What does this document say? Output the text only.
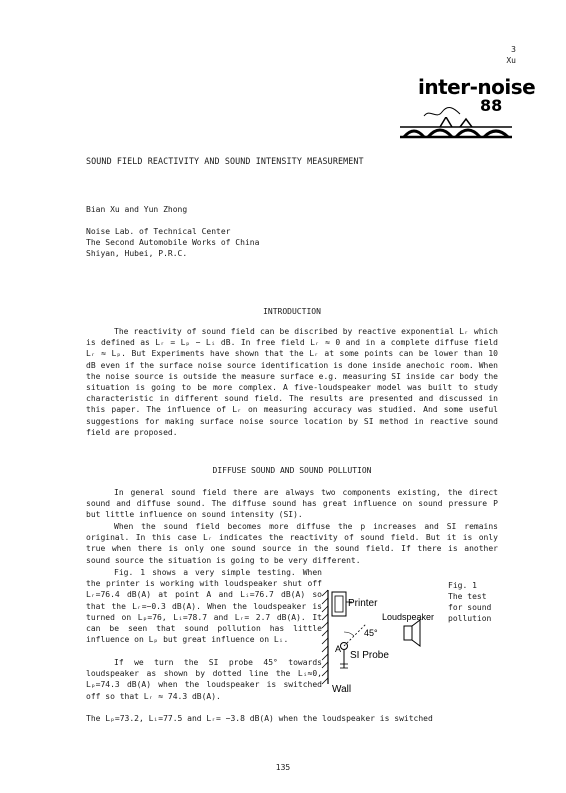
3
Xu
inter-noise
88
SOUND FIELD REACTIVITY AND SOUND INTENSITY MEASUREMENT
Bian Xu and Yun Zhong
Noise Lab. of Technical Center
The Second Automobile Works of China
Shiyan, Hubei, P.R.C.
INTRODUCTION

The reactivity of sound field can be discribed by reactive exponential Lᵣ which is defined as Lᵣ = Lₚ − Lᵢ dB. In free field Lᵣ ≈ 0 and in a complete diffuse field Lᵣ ≈ Lₚ. But Experiments have shown that the Lᵣ at some points can be lower than 10 dB even if the surface noise source identification is done inside anechoic room. When the noise source is outside the measure surface e.g. measuring SI inside car body the situation is going to be more complex. A five-loudspeaker model was built to study characteristic in different sound field. The results are presented and discussed in this paper. The influence of Lᵣ on measuring accuracy was studied. And some useful suggestions for making surface noise source location by SI method in reactive sound field are proposed.

DIFFUSE SOUND AND SOUND POLLUTION

In general sound field there are always two components existing, the direct sound and diffuse sound. The diffuse sound has great influence on sound pressure P but little influence on sound intensity (SI).

When the sound field becomes more diffuse the p increases and SI remains original. In this case Lᵣ indicates the reactivity of sound field. But it is only true when there is only one sound source in the sound field. If there is another sound source the situation is going to be very different.

Fig. 1 shows a very simple testing. When the printer is working with loudspeaker shut off Lᵣ=76.4 dB(A) at point A and Lᵢ=76.7 dB(A) so that the Lᵣ=−0.3 dB(A). When the loudspeaker is turned on Lₚ=76, Lᵢ=78.7 and Lᵣ= 2.7 dB(A). It can be seen that sound pollution has little influence on Lₚ but great influence on Lᵢ.

If we turn the SI probe 45° towards loudspeaker as shown by dotted line the Lᵢ≈0, Lₚ=74.3 dB(A) when the loudspeaker is switched off so that Lᵣ ≈ 74.3 dB(A).

The Lₚ=73.2, Lᵢ=77.5 and Lᵣ= −3.8 dB(A) when the loudspeaker is switched

Fig. 1
The test
for sound
pollution
Printer
Loudspeaker
45°
A
SI Probe
Wall
135
